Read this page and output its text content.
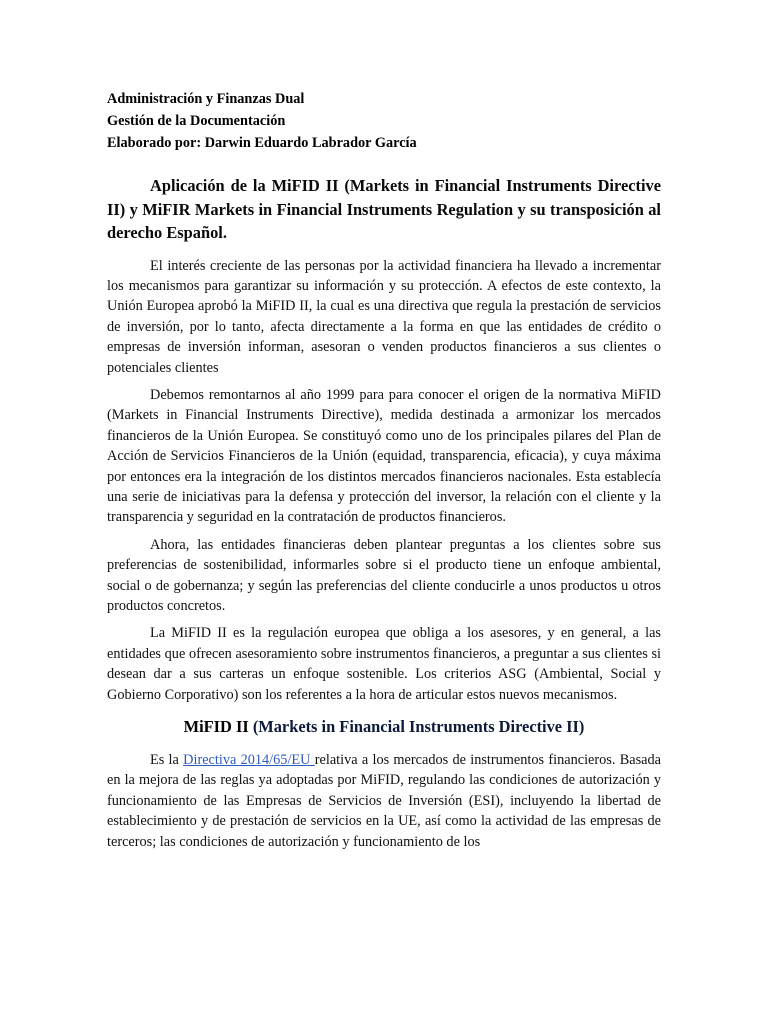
Administración y Finanzas Dual

Gestión de la Documentación

Elaborado por: Darwin Eduardo Labrador García

Aplicación de la MiFID II (Markets in Financial Instruments Directive II) y MiFIR Markets in Financial Instruments Regulation y su transposición al derecho Español.

El interés creciente de las personas por la actividad financiera ha llevado a incrementar los mecanismos para garantizar su información y su protección. A efectos de este contexto, la Unión Europea aprobó la MiFID II, la cual es una directiva que regula la prestación de servicios de inversión, por lo tanto, afecta directamente a la forma en que las entidades de crédito o empresas de inversión informan, asesoran o venden productos financieros a sus clientes o potenciales clientes

Debemos remontarnos al año 1999 para para conocer el origen de la normativa MiFID (Markets in Financial Instruments Directive), medida destinada a armonizar los mercados financieros de la Unión Europea. Se constituyó como uno de los principales pilares del Plan de Acción de Servicios Financieros de la Unión (equidad, transparencia, eficacia), y cuya máxima por entonces era la integración de los distintos mercados financieros nacionales. Esta establecía una serie de iniciativas para la defensa y protección del inversor, la relación con el cliente y la transparencia y seguridad en la contratación de productos financieros.

Ahora, las entidades financieras deben plantear preguntas a los clientes sobre sus preferencias de sostenibilidad, informarles sobre si el producto tiene un enfoque ambiental, social o de gobernanza; y según las preferencias del cliente conducirle a unos productos u otros productos concretos.

La MiFID II es la regulación europea que obliga a los asesores, y en general, a las entidades que ofrecen asesoramiento sobre instrumentos financieros, a preguntar a sus clientes si desean dar a sus carteras un enfoque sostenible. Los criterios ASG (Ambiental, Social y Gobierno Corporativo) son los referentes a la hora de articular estos nuevos mecanismos.

MiFID II (Markets in Financial Instruments Directive II)

Es la Directiva 2014/65/EU relativa a los mercados de instrumentos financieros. Basada en la mejora de las reglas ya adoptadas por MiFID, regulando las condiciones de autorización y funcionamiento de las Empresas de Servicios de Inversión (ESI), incluyendo la libertad de establecimiento y de prestación de servicios en la UE, así como la actividad de las empresas de terceros; las condiciones de autorización y funcionamiento de los
